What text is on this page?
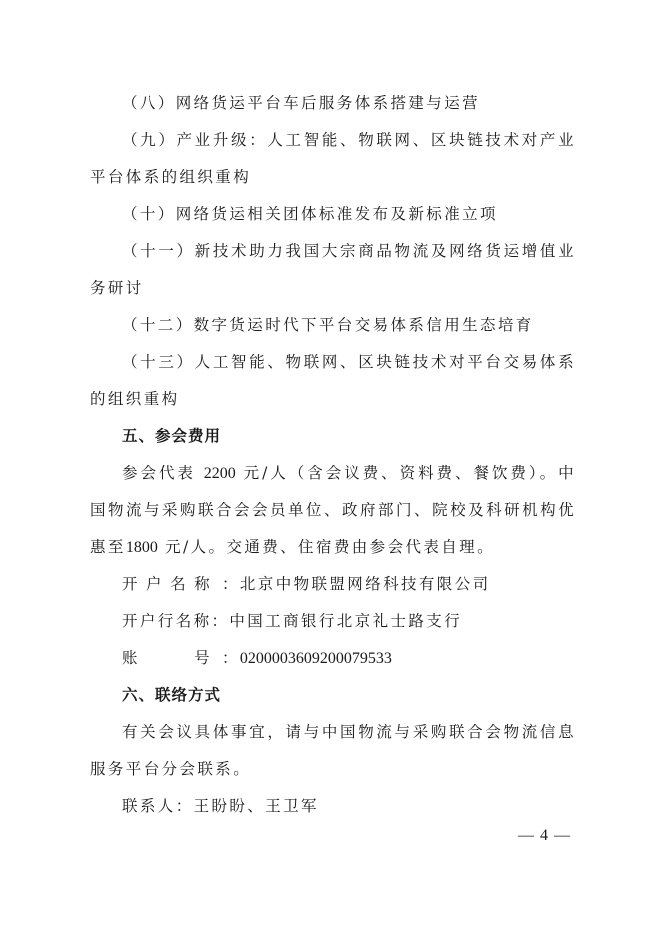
（八）网络货运平台车后服务体系搭建与运营

（九）产业升级：人工智能、物联网、区块链技术对产业平台体系的组织重构

（十）网络货运相关团体标准发布及新标准立项

（十一）新技术助力我国大宗商品物流及网络货运增值业务研讨

（十二）数字货运时代下平台交易体系信用生态培育

（十三）人工智能、物联网、区块链技术对平台交易体系的组织重构

五、参会费用

参会代表 2200 元/人（含会议费、资料费、餐饮费）。中国物流与采购联合会会员单位、政府部门、院校及科研机构优惠至1800 元/人。交通费、住宿费由参会代表自理。

开 户 名 称 ： 北京中物联盟网络科技有限公司
开户行名称： 中国工商银行北京礼士路支行
账	号 ： 0200003609200079533

六、联络方式

有关会议具体事宜，请与中国物流与采购联合会物流信息服务平台分会联系。

联系人：王盼盼、王卫军

— 4 —
